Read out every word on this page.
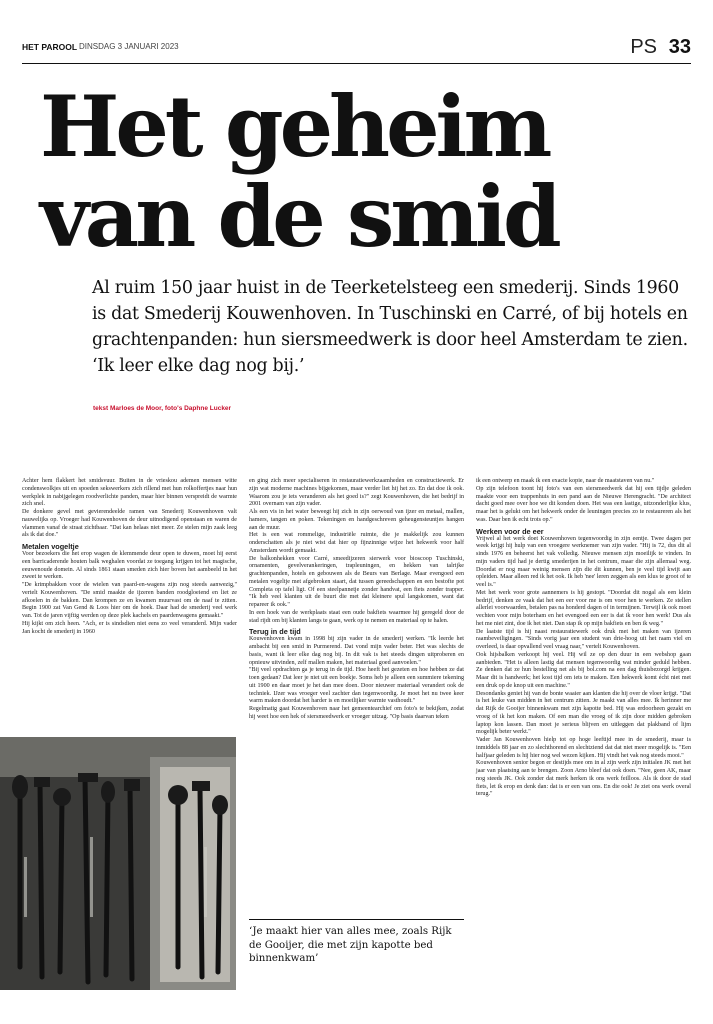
HET PAROOL DINSDAG 3 JANUARI 2023	PS 33
Het geheim
van de smid
Al ruim 150 jaar huist in de Teerketelsteeg een smederij. Sinds 1960 is dat Smederij Kouwenhoven. In Tuschinski en Carré, of bij hotels en grachtenpanden: hun siersmeedwerk is door heel Amsterdam te zien. ‘Ik leer elke dag nog bij.’
tekst Marloes de Moor, foto's Daphne Lucker

Achter hem flakkert het smidsvuur. Buiten in de vrieskou ademen mensen witte condenswolkjes uit en spoeden sekswerkers zich rillend met hun rolkoffertjes naar hun werkplek in nabijgelegen roodverlichte panden, maar hier binnen verspreidt de warmte zich snel.

De donkere gevel met gevierendeelde ramen van Smederij Kouwenhoven valt nauwelijks op. Vroeger had Kouwenhoven de deur uitnodigend openstaan en waren de vlammen vanaf de straat zichtbaar. "Dat kan helaas niet meer. Ze stelen mijn zaak leeg als ik dat doe."

Metalen vogeltje

Voor bezoekers die het erop wagen de klemmende deur open te duwen, moet hij eerst een barricaderende houten balk weghalen voordat ze toegang krijgen tot het magische, eeuwenoude domein. Al sinds 1861 staan smeden zich hier boven het aambeeld in het zweet te werken.

"De krimpbakken voor de wielen van paard-en-wagens zijn nog steeds aanwezig," vertelt Kouwenhoven. "De smid maakte de ijzeren banden roodgloeiend en liet ze afkoelen in de bakken. Dan krompen ze en kwamen muurvast om de naaf te zitten. Begin 1900 zat Van Gend & Loos hier om de hoek. Daar had de smederij veel werk van. Tot de jaren vijftig werden op deze plek kachels en paardenwagens gemaakt."

Hij kijkt om zich heen. "Ach, er is sindsdien niet eens zo veel veranderd. Mijn vader Jan kocht de smederij in 1960

en ging zich meer specialiseren in restauratiewerkzaamheden en constructiewerk. Er zijn wat moderne machines bijgekomen, maar verder liet hij het zo. En dat doe ik ook. Waarom zou je iets veranderen als het goed is?" zegt Kouwenhoven, die het bedrijf in 2001 overnam van zijn vader.

Als een vis in het water beweegt hij zich in zijn oerwoud van ijzer en metaal, mallen, hamers, tangen en poken. Tekeningen en handgeschreven geheugensteuntjes hangen aan de muur.

Het is een wat rommelige, industriële ruimte, die je makkelijk zou kunnen onderschatten als je niet wist dat hier op fijnzinnige wijze het hekwerk voor half Amsterdam wordt gemaakt.

De balkonhekken voor Carré, smeedijzeren sierwerk voor bioscoop Tuschinski, ornamenten, gevelverankeringen, trapleuningen, en hekken van talrijke grachtenpanden, hotels en gebouwen als de Beurs van Berlage. Maar evengoed een metalen vogeltje met afgebroken staart, dat tussen gereedschappen en een bestofte pot Completa op tafel ligt. Of een steelpannetje zonder handvat, een fiets zonder trapper. "Ik heb veel klanten uit de buurt die met dat kleinere spul langskomen, want dat repareer ik ook."

In een hoek van de werkplaats staat een oude bakfiets waarmee hij geregeld door de stad rijdt om bij klanten langs te gaan, werk op te nemen en materiaal op te halen.

Terug in de tijd

Kouwenhoven kwam in 1998 bij zijn vader in de smederij werken. "Ik leerde het ambacht bij een smid in Purmerend. Dat vond mijn vader beter. Het was slechts de basis, want ik leer elke dag nog bij. In dit vak is het steeds dingen uitproberen en opnieuw uitvinden, zelf mallen maken, het materiaal goed aanvoelen."

"Bij veel opdrachten ga je terug in de tijd. Hoe heeft het gezeten en hoe hebben ze dat toen gedaan? Dat leer je niet uit een boekje. Soms heb je alleen een summiere tekening uit 1900 en daar moet je het dan mee doen. Door nieuwer materiaal verandert ook de techniek. IJzer was vroeger veel zachter dan tegenwoordig. Je moet het nu twee keer warm maken doordat het harder is en moeilijker warmte vasthoudt."

Regelmatig gaat Kouwenhoven naar het gemeentearchief om foto's te bekijken, zodat hij weet hoe een hek of siersmeedwerk er vroeger uitzag. "Op basis daarvan teken

‘Je maakt hier van alles mee, zoals Rijk de Gooijer, die met zijn kapotte bed binnenkwam’

ik een ontwerp en maak ik een exacte kopie, naar de maatstaven van nu."

Op zijn telefoon toont hij foto's van een siersmeedwerk dat hij een tijdje geleden maakte voor een trappenhuis in een pand aan de Nieuwe Herengracht. "De architect dacht goed mee over hoe we dit konden doen. Het was een lastige, uitzonderlijke klus, maar het is gelukt om het hekwerk onder de leuningen precies zo te restaureren als het was. Daar ben ik echt trots op."

Werken voor de eer

Vrijwel al het werk doet Kouwenhoven tegenwoordig in zijn eentje. Twee dagen per week krijgt hij hulp van een vroegere werknemer van zijn vader. "Hij is 72, dus dit al sinds 1976 en beheerst het vak volledig. Nieuwe mensen zijn moeilijk te vinden. In mijn vaders tijd had je dertig smederijen in het centrum, maar die zijn allemaal weg. Doordat er nog maar weinig mensen zijn die dit kunnen, ben je veel tijd kwijt aan opleiden. Maar alleen red ik het ook. Ik heb 'nee' leren zeggen als een klus te groot of te veel is."

Met het werk voor grote aannemers is hij gestopt. "Doordat dit nogal als een klein bedrijf, denken ze vaak dat het een eer voor me is om voor hen te werken. Ze stellen allerlei voorwaarden, betalen pas na honderd dagen of in termijnen. Terwijl ik ook moet vechten voor mijn boterham en het evengoed een eer is dat ik voor hen werk! Dus als het me niet zint, doe ik het niet. Dan stap ik op mijn bakfiets en ben ik weg."

De laatste tijd is hij naast restauratiewerk ook druk met het maken van ijzeren raambeveiligingen. "Sinds vorig jaar een student van drie-hoog uit het raam viel en overleed, is daar opvallend veel vraag naar," vertelt Kouwenhoven.

Ook hijsbalken verkoopt hij veel. Hij wil ze op den duur in een webshop gaan aanbieden. "Het is alleen lastig dat mensen tegenwoordig wat minder geduld hebben. Ze denken dat ze hun bestelling net als bij bol.com na een dag thuisbezorgd krijgen. Maar dit is handwerk; het kost tijd om iets te maken. Een hekwerk komt écht niet met een druk op de knop uit een machine."

Desondanks geniet hij van de bonte waaier aan klanten die hij over de vloer krijgt. "Dat is het leuke van midden in het centrum zitten. Je maakt van alles mee. Ik herinner me dat Rijk de Gooijer binnenkwam met zijn kapotte bed. Hij was erdoorheen gezakt en vroeg of ik het kon maken. Of een man die vroeg of ik zijn door midden gebroken laptop kon lassen. Dan moet je serieus blijven en uitleggen dat plakband of lijm mogelijk beter werkt."

Vader Jan Kouwenhoven hielp tot op hoge leeftijd mee in de smederij, maar is inmiddels 88 jaar en zo slechthorend en slechtziend dat dat niet meer mogelijk is. "Een halfjaar geleden is hij hier nog wel wezen kijken. Hij vindt het vak nog steeds mooi."

Kouwenhoven senior begon er destijds mee om in al zijn werk zijn initialen JK met het jaar van plaatsing aan te brengen. Zoon Arno bleef dat ook doen. "Nee, geen AK, maar nog steeds JK. Ook zonder dat merk herken ik ons werk feilloos. Als ik door de stad fiets, let ik erop en denk dan: dat is er een van ons. En die ook! Je ziet ons werk overal terug."
